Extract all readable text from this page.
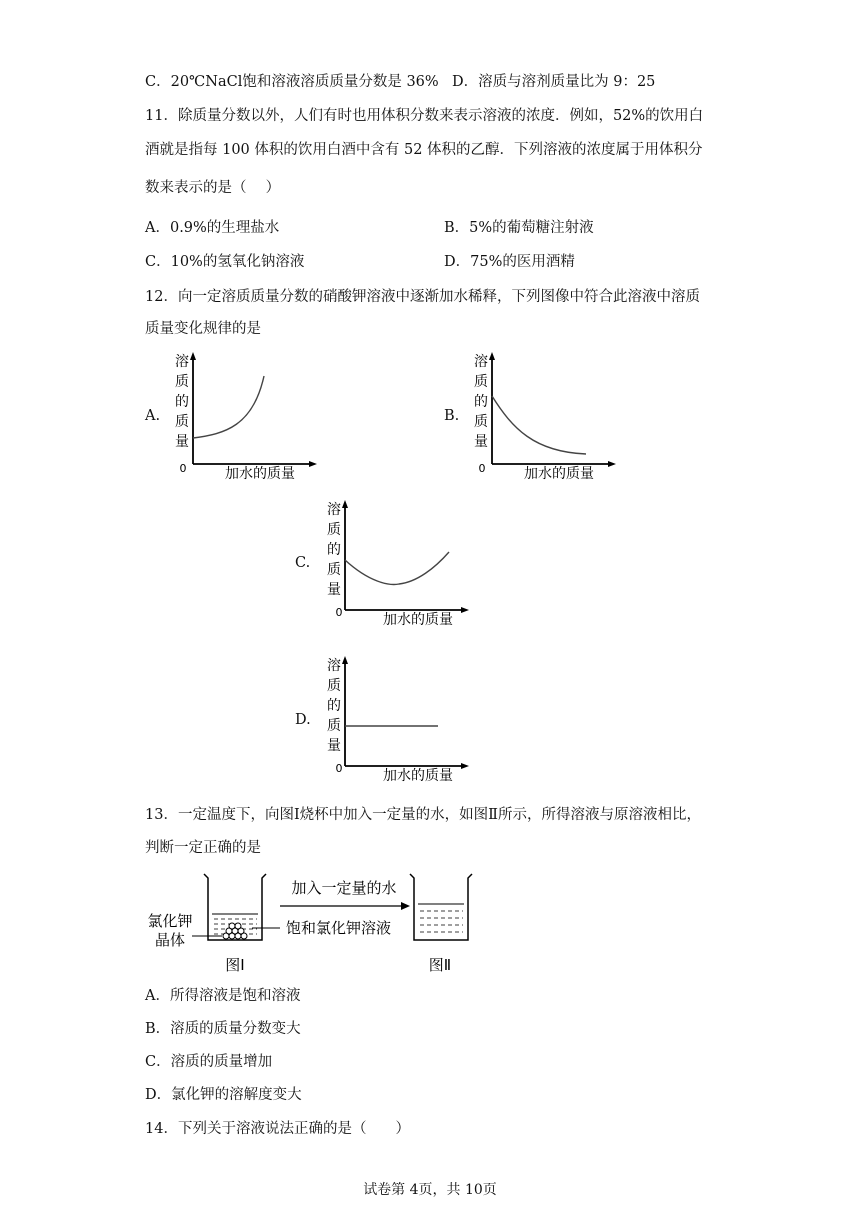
C．20℃NaCl饱和溶液溶质质量分数是 36% D．溶质与溶剂质量比为 9：25
11．除质量分数以外，人们有时也用体积分数来表示溶液的浓度．例如，52%的饮用白
酒就是指每 100 体积的饮用白酒中含有 52 体积的乙醇．下列溶液的浓度属于用体积分
数来表示的是（　 ）
A．0.9%的生理盐水	B．5%的葡萄糖注射液
C．10%的氢氧化钠溶液	D．75%的医用酒精
12．向一定溶质质量分数的硝酸钾溶液中逐渐加水稀释，下列图像中符合此溶液中溶质
质量变化规律的是
A.
溶
质
的
质
量
0	加水的质量
B.
溶
质
的
质
量
0	加水的质量
C.
溶
质
的
质
量
0	加水的质量
D.
溶
质
的
质
量
0	加水的质量
13．一定温度下，向图Ⅰ烧杯中加入一定量的水，如图Ⅱ所示，所得溶液与原溶液相比，
判断一定正确的是
氯化钾
晶体
饱和氯化钾溶液
图Ⅰ
加入一定量的水
图Ⅱ
A．所得溶液是饱和溶液
B．溶质的质量分数变大
C．溶质的质量增加
D．氯化钾的溶解度变大
14．下列关于溶液说法正确的是（　　）
试卷第 4页，共 10页
